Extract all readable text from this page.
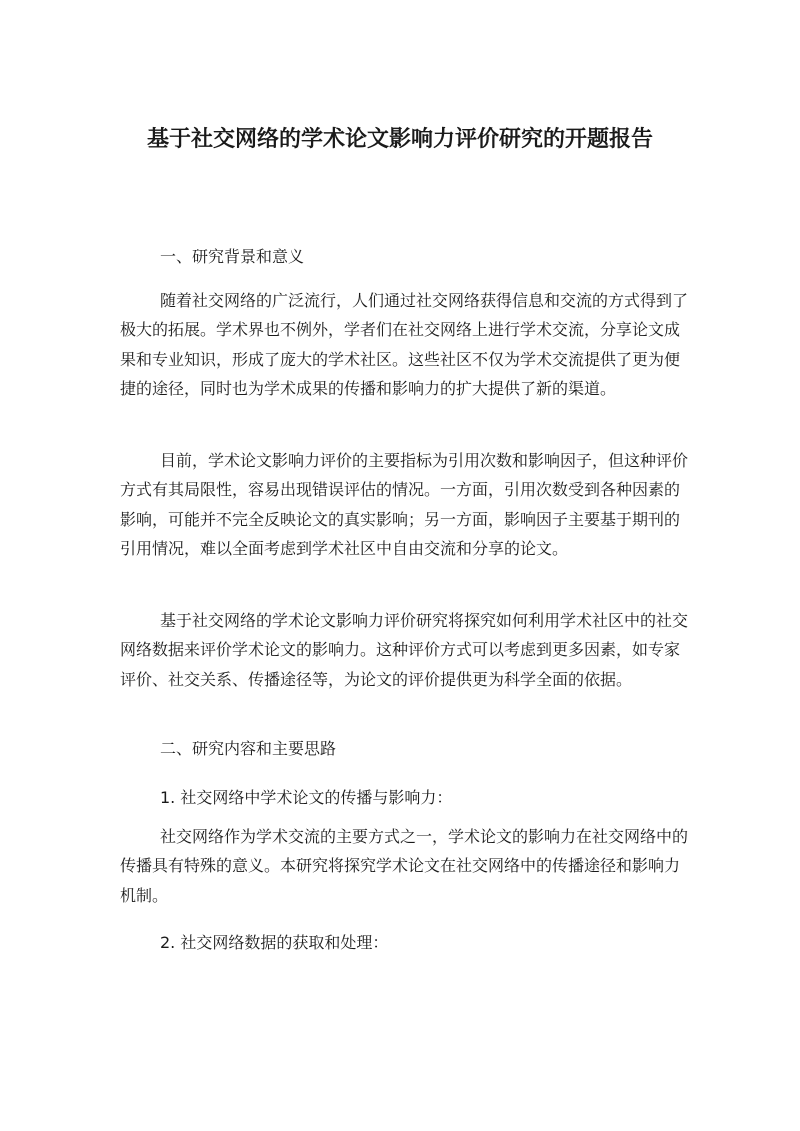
基于社交网络的学术论文影响力评价研究的开题报告

一、研究背景和意义

随着社交网络的广泛流行，人们通过社交网络获得信息和交流的方式得到了极大的拓展。学术界也不例外，学者们在社交网络上进行学术交流，分享论文成果和专业知识，形成了庞大的学术社区。这些社区不仅为学术交流提供了更为便捷的途径，同时也为学术成果的传播和影响力的扩大提供了新的渠道。

目前，学术论文影响力评价的主要指标为引用次数和影响因子，但这种评价方式有其局限性，容易出现错误评估的情况。一方面，引用次数受到各种因素的影响，可能并不完全反映论文的真实影响；另一方面，影响因子主要基于期刊的引用情况，难以全面考虑到学术社区中自由交流和分享的论文。

基于社交网络的学术论文影响力评价研究将探究如何利用学术社区中的社交网络数据来评价学术论文的影响力。这种评价方式可以考虑到更多因素，如专家评价、社交关系、传播途径等，为论文的评价提供更为科学全面的依据。

二、研究内容和主要思路

1. 社交网络中学术论文的传播与影响力：

社交网络作为学术交流的主要方式之一，学术论文的影响力在社交网络中的传播具有特殊的意义。本研究将探究学术论文在社交网络中的传播途径和影响力机制。

2. 社交网络数据的获取和处理：
